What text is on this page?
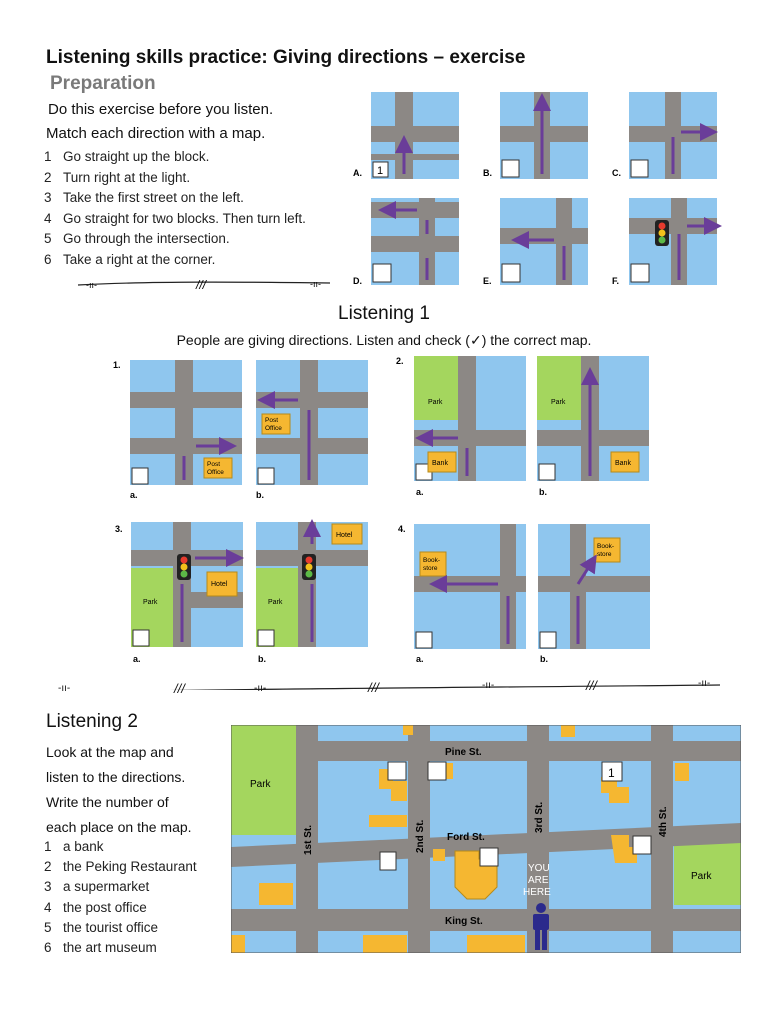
Listening skills practice: Giving directions – exercise
Preparation
Do this exercise before you listen.
Match each direction with a map.
1 Go straight up the block.
2 Turn right at the light.
3 Take the first street on the left.
4 Go straight for two blocks. Then turn left.
5 Go through the intersection.
6 Take a right at the corner.
1
A.	B.	C.
D.	E.	F.
‑ıı‑	///	‑ıı‑
Listening 1
People are giving directions. Listen and check (✓) the correct map.
1.
Post
Office
a.
Post
Office
b.
2.
Park
Bank
a.
Park
Bank
b.
3.
Park
Hotel
a.
Park
Hotel
b.
4.
Book-
store
a.
Book-
store
b.
‑ıı‑	///	‑ıı‑	///	‑ıı‑	///	‑ıı‑
Listening 2
Look at the map and
listen to the directions.
Write the number of
each place on the map.
1 a bank
2 the Peking Restaurant
3 a supermarket
4 the post office
5 the tourist office
6 the art museum
1
Park
Park
Pine St.
Ford St.
King St.
1st St.	2nd St.
3rd St.	4th St.
YOU
ARE
HERE
